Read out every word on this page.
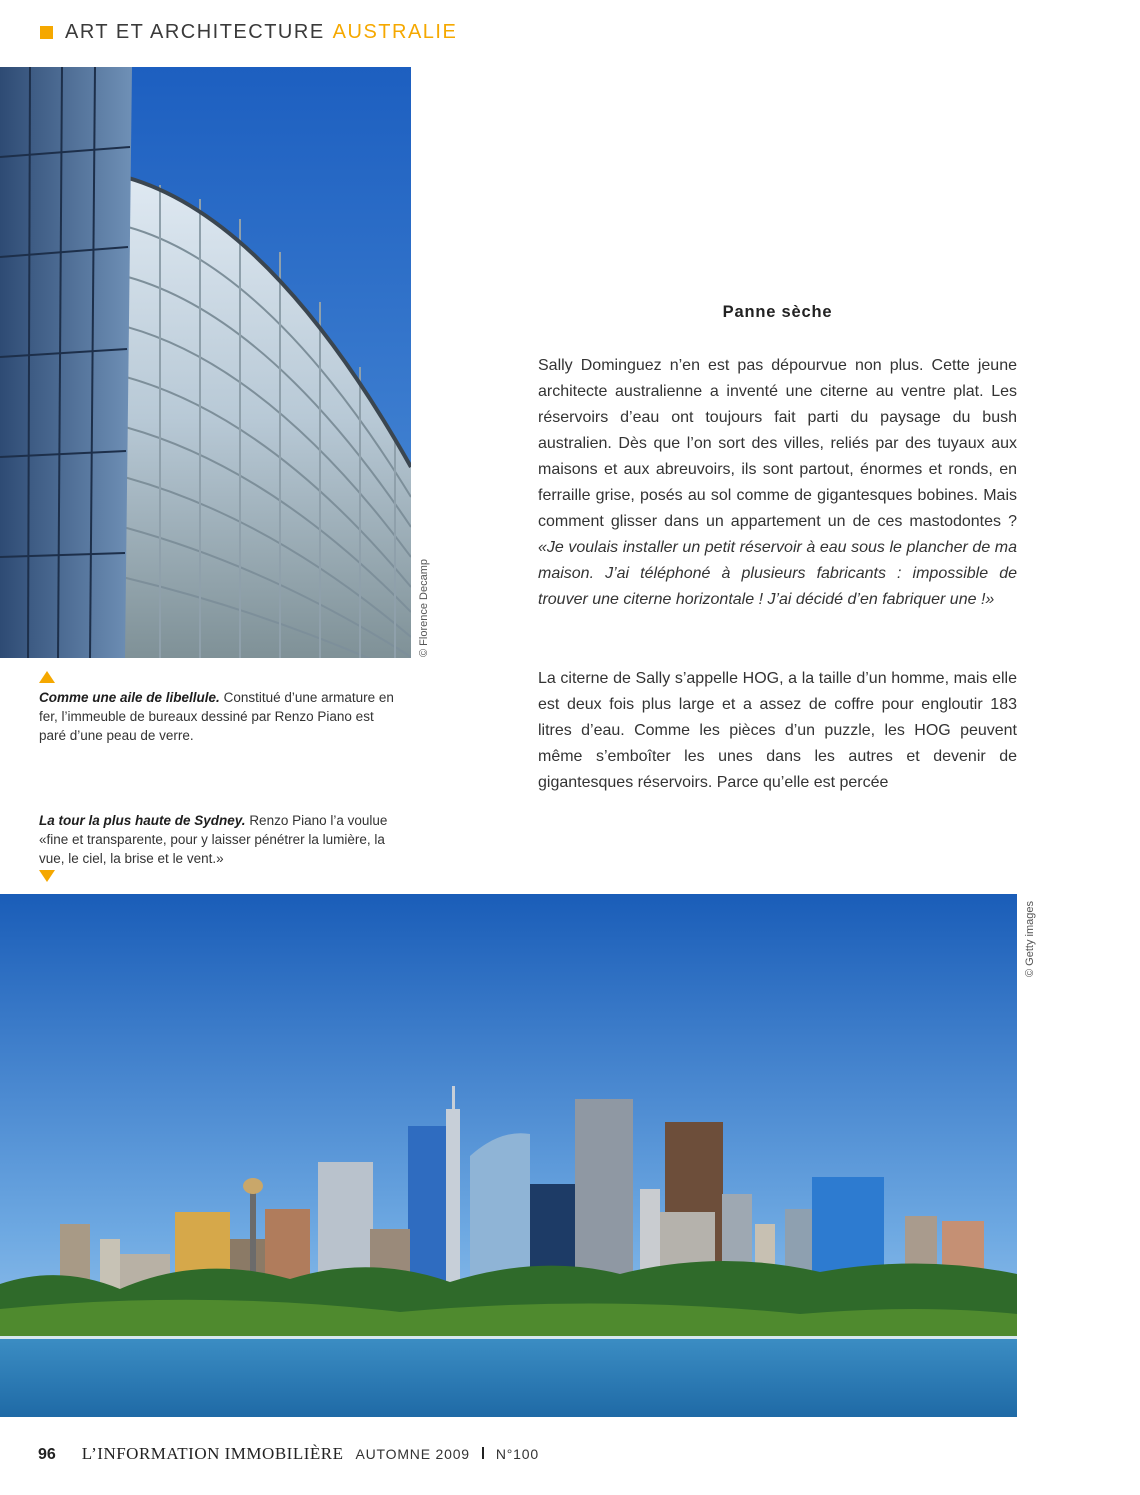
ART ET ARCHITECTURE AUSTRALIE
© Florence Decamp
Comme une aile de libellule. Constitué d’une armature en fer, l’immeuble de bureaux dessiné par Renzo Piano est paré d’une peau de verre.
La tour la plus haute de Sydney. Renzo Piano l’a voulue «fine et transparente, pour y laisser pénétrer la lumière, la vue, le ciel, la brise et le vent.»
Panne sèche
Sally Dominguez n’en est pas dépourvue non plus. Cette jeune architecte australienne a inventé une citerne au ventre plat. Les réservoirs d’eau ont toujours fait parti du paysage du bush australien. Dès que l’on sort des villes, reliés par des tuyaux aux maisons et aux abreuvoirs, ils sont partout, énormes et ronds, en ferraille grise, posés au sol comme de gigantesques bobines. Mais comment glisser dans un appartement un de ces mastodontes ? «Je voulais installer un petit réservoir à eau sous le plancher de ma maison. J’ai téléphoné à plusieurs fabricants : impossible de trouver une citerne horizontale ! J’ai décidé d’en fabriquer une !»
La citerne de Sally s’appelle HOG, a la taille d’un homme, mais elle est deux fois plus large et a assez de coffre pour engloutir 183 litres d’eau. Comme les pièces d’un puzzle, les HOG peuvent même s’emboîter les unes dans les autres et devenir de gigantesques réservoirs. Parce qu’elle est percée
© Getty images
96 L’INFORMATION IMMOBILIÈRE AUTOMNE 2009 N°100
